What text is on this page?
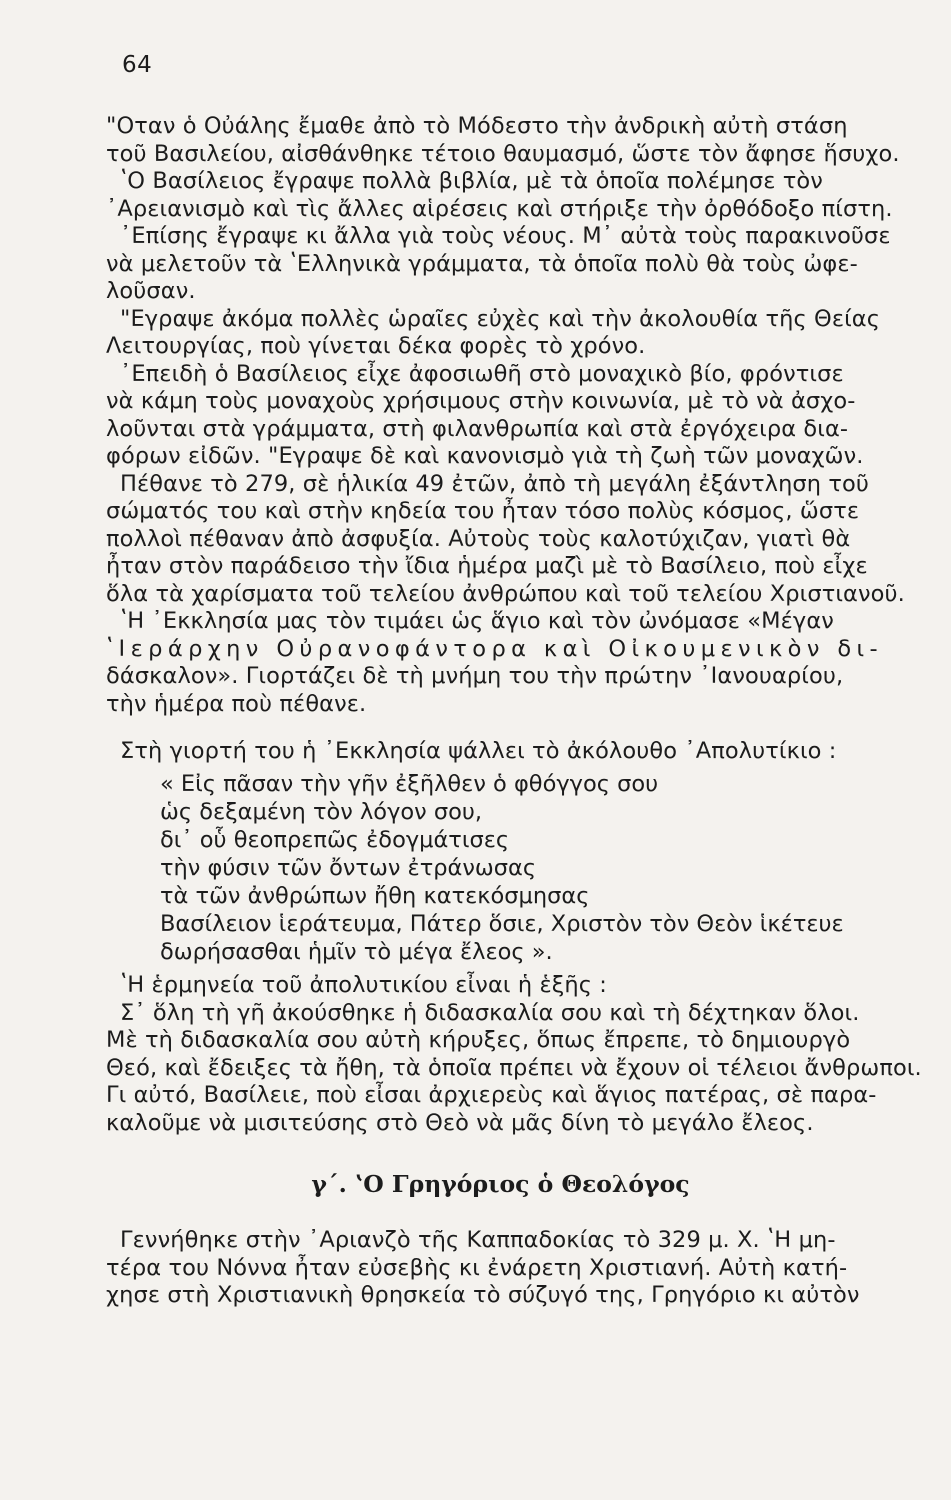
64
"Οταν ὁ Οὐάλης ἔμαθε ἀπὸ τὸ Μόδεστο τὴν ἀνδρικὴ αὐτὴ στάση
τοῦ Βασιλείου, αἰσθάνθηκε τέτοιο θαυμασμό, ὥστε τὸν ἄφησε ἥσυχο.
ʽΟ Βασίλειος ἔγραψε πολλὰ βιβλία, μὲ τὰ ὁποῖα πολέμησε τὸν
᾿Αρειανισμὸ καὶ τὶς ἄλλες αἱρέσεις καὶ στήριξε τὴν ὀρθόδοξο πίστη.
᾿Επίσης ἔγραψε κι ἄλλα γιὰ τοὺς νέους. Μ᾿ αὐτὰ τοὺς παρακινοῦσε
νὰ μελετοῦν τὰ ʽΕλληνικὰ γράμματα, τὰ ὁποῖα πολὺ θὰ τοὺς ὠφε-
λοῦσαν.
"Εγραψε ἀκόμα πολλὲς ὡραῖες εὐχὲς καὶ τὴν ἀκολουθία τῆς Θείας
Λειτουργίας, ποὺ γίνεται δέκα φορὲς τὸ χρόνο.
᾿Επειδὴ ὁ Βασίλειος εἶχε ἀφοσιωθῆ στὸ μοναχικὸ βίο, φρόντισε
νὰ κάμη τοὺς μοναχοὺς χρήσιμους στὴν κοινωνία, μὲ τὸ νὰ ἀσχο-
λοῦνται στὰ γράμματα, στὴ φιλανθρωπία καὶ στὰ ἐργόχειρα δια-
φόρων εἰδῶν. "Εγραψε δὲ καὶ κανονισμὸ γιὰ τὴ ζωὴ τῶν μοναχῶν.
Πέθανε τὸ 279, σὲ ἡλικία 49 ἐτῶν, ἀπὸ τὴ μεγάλη ἐξάντληση τοῦ
σώματός του καὶ στὴν κηδεία του ἦταν τόσο πολὺς κόσμος, ὥστε
πολλοὶ πέθαναν ἀπὸ ἀσφυξία. Αὐτοὺς τοὺς καλοτύχιζαν, γιατὶ θὰ
ἦταν στὸν παράδεισο τὴν ἴδια ἡμέρα μαζὶ μὲ τὸ Βασίλειο, ποὺ εἶχε
ὅλα τὰ χαρίσματα τοῦ τελείου ἀνθρώπου καὶ τοῦ τελείου Χριστιανοῦ.
ʽΗ ᾿Εκκλησία μας τὸν τιμάει ὡς ἅγιο καὶ τὸν ὠνόμασε «Μέγαν
ʽΙεράρχην Οὐρανοφάντορα καὶ Οἰκουμενικὸν δι-
δάσκαλον». Γιορτάζει δὲ τὴ μνήμη του τὴν πρώτην ᾿Ιανουαρίου,
τὴν ἡμέρα ποὺ πέθανε.
Στὴ γιορτή του ἡ ᾿Εκκλησία ψάλλει τὸ ἀκόλουθο ᾿Απολυτίκιο :
« Εἰς πᾶσαν τὴν γῆν ἐξῆλθεν ὁ φθόγγος σου
ὡς δεξαμένη τὸν λόγον σου,
δι᾿ οὗ θεοπρεπῶς ἐδογμάτισες
τὴν φύσιν τῶν ὄντων ἐτράνωσας
τὰ τῶν ἀνθρώπων ἤθη κατεκόσμησας
Βασίλειον ἱεράτευμα, Πάτερ ὅσιε, Χριστὸν τὸν Θεὸν ἱκέτευε
δωρήσασθαι ἡμῖν τὸ μέγα ἔλεος ».
ʽΗ ἑρμηνεία τοῦ ἀπολυτικίου εἶναι ἡ ἑξῆς :
Σ᾿ ὅλη τὴ γῆ ἀκούσθηκε ἡ διδασκαλία σου καὶ τὴ δέχτηκαν ὅλοι.
Μὲ τὴ διδασκαλία σου αὐτὴ κήρυξες, ὅπως ἔπρεπε, τὸ δημιουργὸ
Θεό, καὶ ἔδειξες τὰ ἤθη, τὰ ὁποῖα πρέπει νὰ ἔχουν οἱ τέλειοι ἄνθρωποι.
Γι αὐτό, Βασίλειε, ποὺ εἶσαι ἀρχιερεὺς καὶ ἅγιος πατέρας, σὲ παρα-
καλοῦμε νὰ μισιτεύσης στὸ Θεὸ νὰ μᾶς δίνη τὸ μεγάλο ἔλεος.
γ΄. ʽΟ Γρηγόριος ὁ Θεολόγος
Γεννήθηκε στὴν ᾿Αριανζὸ τῆς Καππαδοκίας τὸ 329 μ. Χ. ʽΗ μη-
τέρα του Νόννα ἦταν εὐσεβὴς κι ἐνάρετη Χριστιανή. Αὐτὴ κατή-
χησε στὴ Χριστιανικὴ θρησκεία τὸ σύζυγό της, Γρηγόριο κι αὐτὸν
